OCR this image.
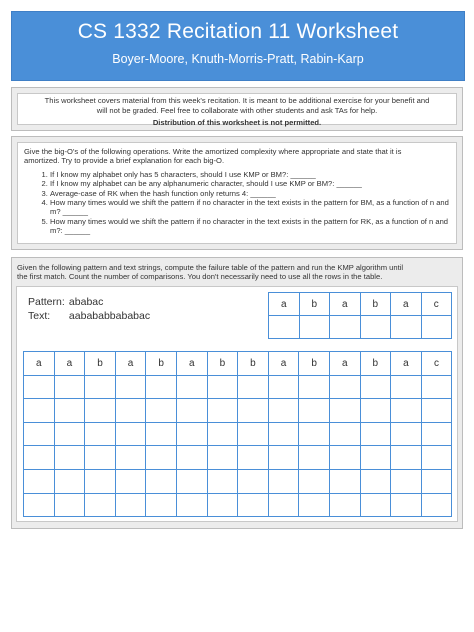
CS 1332 Recitation 11 Worksheet
Boyer-Moore, Knuth-Morris-Pratt, Rabin-Karp
This worksheet covers material from this week's recitation. It is meant to be additional exercise for your benefit and
will not be graded. Feel free to collaborate with other students and ask TAs for help.
Distribution of this worksheet is not permitted.
Give the big-O's of the following operations. Write the amortized complexity where appropriate and state that it is
amortized. Try to provide a brief explanation for each big-O.
1. If I know my alphabet only has 5 characters, should I use KMP or BM?: ______
2. If I know my alphabet can be any alphanumeric character, should I use KMP or BM?: ______
3. Average-case of RK when the hash function only returns 4: ______
4. How many times would we shift the pattern if no character in the text exists in the pattern for BM, as a function of n and m? ______
5. How many times would we shift the pattern if no character in the text exists in the pattern for RK, as a function of n and m?: ______
Given the following pattern and text strings, compute the failure table of the pattern and run the KMP algorithm until
the first match. Count the number of comparisons. You don't necessarily need to use all the rows in the table.
Pattern: ababac
Text: aabababbababac
a	b	a	b	a	c

a	a	b	a	b	a	b	b	a	b	a	b	a	c
